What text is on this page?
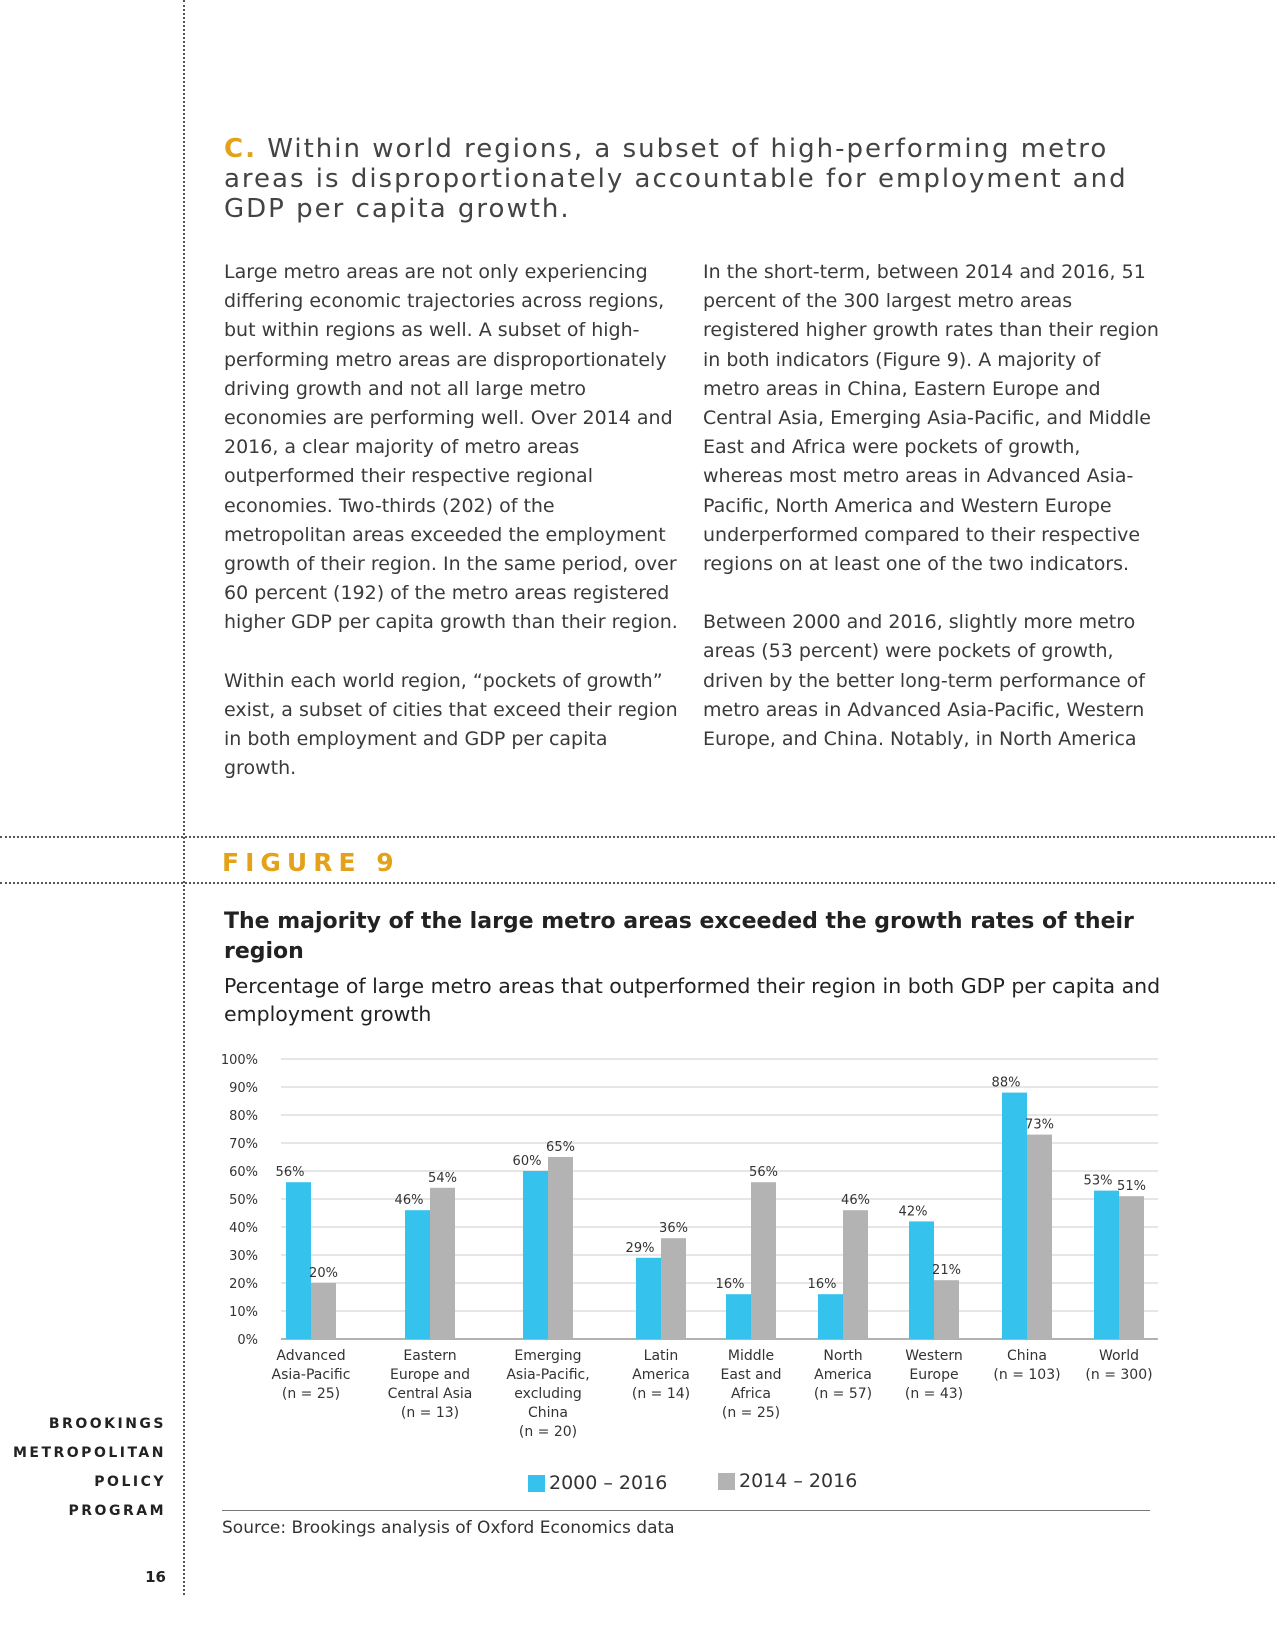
C. Within world regions, a subset of high-performing metro areas is disproportionately accountable for employment and GDP per capita growth.

Large metro areas are not only experiencing differing economic trajectories across regions, but within regions as well. A subset of high-performing metro areas are disproportionately driving growth and not all large metro economies are performing well. Over 2014 and 2016, a clear majority of metro areas outperformed their respective regional economies. Two-thirds (202) of the metropolitan areas exceeded the employment growth of their region. In the same period, over 60 percent (192) of the metro areas registered higher GDP per capita growth than their region.

Within each world region, “pockets of growth” exist, a subset of cities that exceed their region in both employment and GDP per capita growth.

In the short-term, between 2014 and 2016, 51 percent of the 300 largest metro areas registered higher growth rates than their region in both indicators (Figure 9). A majority of metro areas in China, Eastern Europe and Central Asia, Emerging Asia-Pacific, and Middle East and Africa were pockets of growth, whereas most metro areas in Advanced Asia-Pacific, North America and Western Europe underperformed compared to their respective regions on at least one of the two indicators.

Between 2000 and 2016, slightly more metro areas (53 percent) were pockets of growth, driven by the better long-term performance of metro areas in Advanced Asia-Pacific, Western Europe, and China. Notably, in North America

FIGURE 9
The majority of the large metro areas exceeded the growth rates of their region

Percentage of large metro areas that outperformed their region in both GDP per capita and employment growth

0%
10%
20%
30%
40%
50%
60%
70%
80%
90%
100%
56%
20%
Advanced
Asia-Pacific
(n = 25)
46%
54%
Eastern
Europe and
Central Asia
(n = 13)
60%
65%
Emerging
Asia-Pacific,
excluding
China
(n = 20)
29%
36%
Latin
America
(n = 14)
16%
56%
Middle
East and
Africa
(n = 25)
16%
46%
North
America
(n = 57)
42%
21%
Western
Europe
(n = 43)
88%
73%
China
(n = 103)
53% 51%
World
(n = 300)
2000 – 2016	2014 – 2016
Source: Brookings analysis of Oxford Economics data
BROOKINGS
METROPOLITAN
POLICY
PROGRAM
16
